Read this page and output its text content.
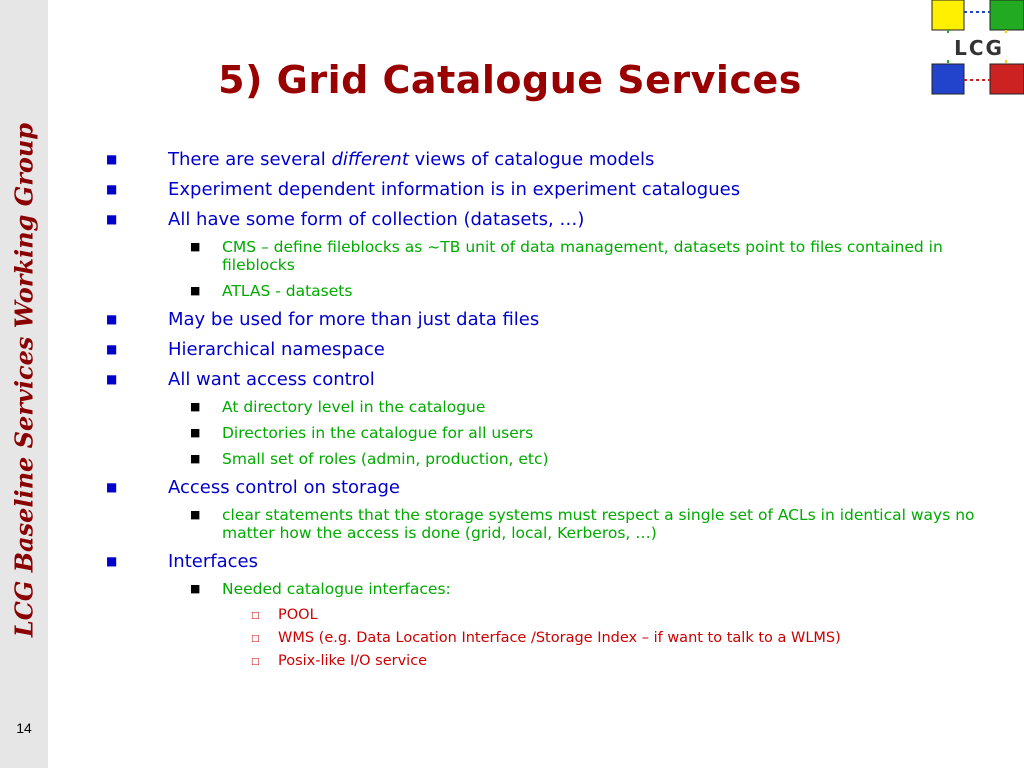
LCG Baseline Services Working Group
14
5) Grid Catalogue Services
LCG
■	There are several different views of catalogue models
■	Experiment dependent information is in experiment catalogues
■	All have some form of collection (datasets, …)
■ CMS – define fileblocks as ~TB unit of data management, datasets point to files contained in fileblocks
■ ATLAS - datasets
■	May be used for more than just data files
■	Hierarchical namespace
■	All want access control
■ At directory level in the catalogue
■ Directories in the catalogue for all users
■ Small set of roles (admin, production, etc)
■	Access control on storage
■ clear statements that the storage systems must respect a single set of ACLs in identical ways no matter how the access is done (grid, local, Kerberos, …)
■	Interfaces
■ Needed catalogue interfaces:
□ POOL
□ WMS (e.g. Data Location Interface /Storage Index – if want to talk to a WLMS)
□ Posix-like I/O service
